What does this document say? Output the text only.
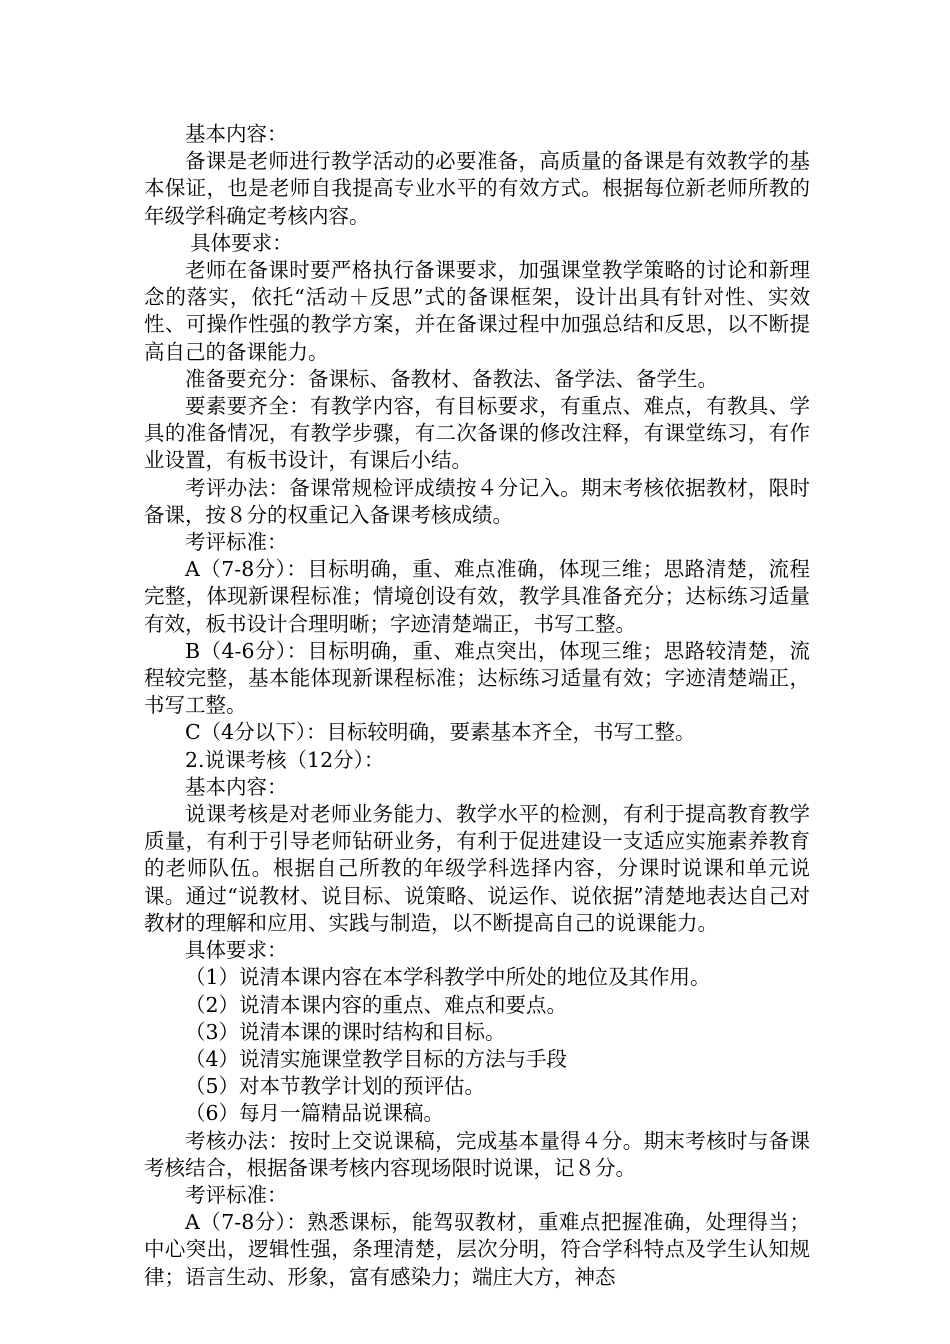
基本内容：

备课是老师进行教学活动的必要准备，高质量的备课是有效教学的基本保证，也是老师自我提高专业水平的有效方式。根据每位新老师所教的年级学科确定考核内容。

具体要求：

老师在备课时要严格执行备课要求，加强课堂教学策略的讨论和新理念的落实，依托“活动＋反思”式的备课框架，设计出具有针对性、实效性、可操作性强的教学方案，并在备课过程中加强总结和反思，以不断提高自己的备课能力。

准备要充分：备课标、备教材、备教法、备学法、备学生。

要素要齐全：有教学内容，有目标要求，有重点、难点，有教具、学具的准备情况，有教学步骤，有二次备课的修改注释，有课堂练习，有作业设置，有板书设计，有课后小结。

考评办法：备课常规检评成绩按４分记入。期末考核依据教材，限时备课，按８分的权重记入备课考核成绩。

考评标准：

A（7-8分）：目标明确，重、难点准确，体现三维；思路清楚，流程完整，体现新课程标准；情境创设有效，教学具准备充分；达标练习适量有效，板书设计合理明晰；字迹清楚端正，书写工整。

B（4-6分）：目标明确，重、难点突出，体现三维；思路较清楚，流程较完整，基本能体现新课程标准；达标练习适量有效；字迹清楚端正，书写工整。

C（4分以下）：目标较明确，要素基本齐全，书写工整。

2.说课考核（12分）：

基本内容：

说课考核是对老师业务能力、教学水平的检测，有利于提高教育教学质量，有利于引导老师钻研业务，有利于促进建设一支适应实施素养教育的老师队伍。根据自己所教的年级学科选择内容，分课时说课和单元说课。通过“说教材、说目标、说策略、说运作、说依据”清楚地表达自己对教材的理解和应用、实践与制造，以不断提高自己的说课能力。

具体要求：

（1）说清本课内容在本学科教学中所处的地位及其作用。

（2）说清本课内容的重点、难点和要点。

（3）说清本课的课时结构和目标。

（4）说清实施课堂教学目标的方法与手段

（5）对本节教学计划的预评估。

（6）每月一篇精品说课稿。

考核办法：按时上交说课稿，完成基本量得４分。期末考核时与备课考核结合，根据备课考核内容现场限时说课，记８分。

考评标准：

A（7-8分）：熟悉课标，能驾驭教材，重难点把握准确，处理得当；中心突出，逻辑性强，条理清楚，层次分明，符合学科特点及学生认知规律；语言生动、形象，富有感染力；端庄大方，神态
